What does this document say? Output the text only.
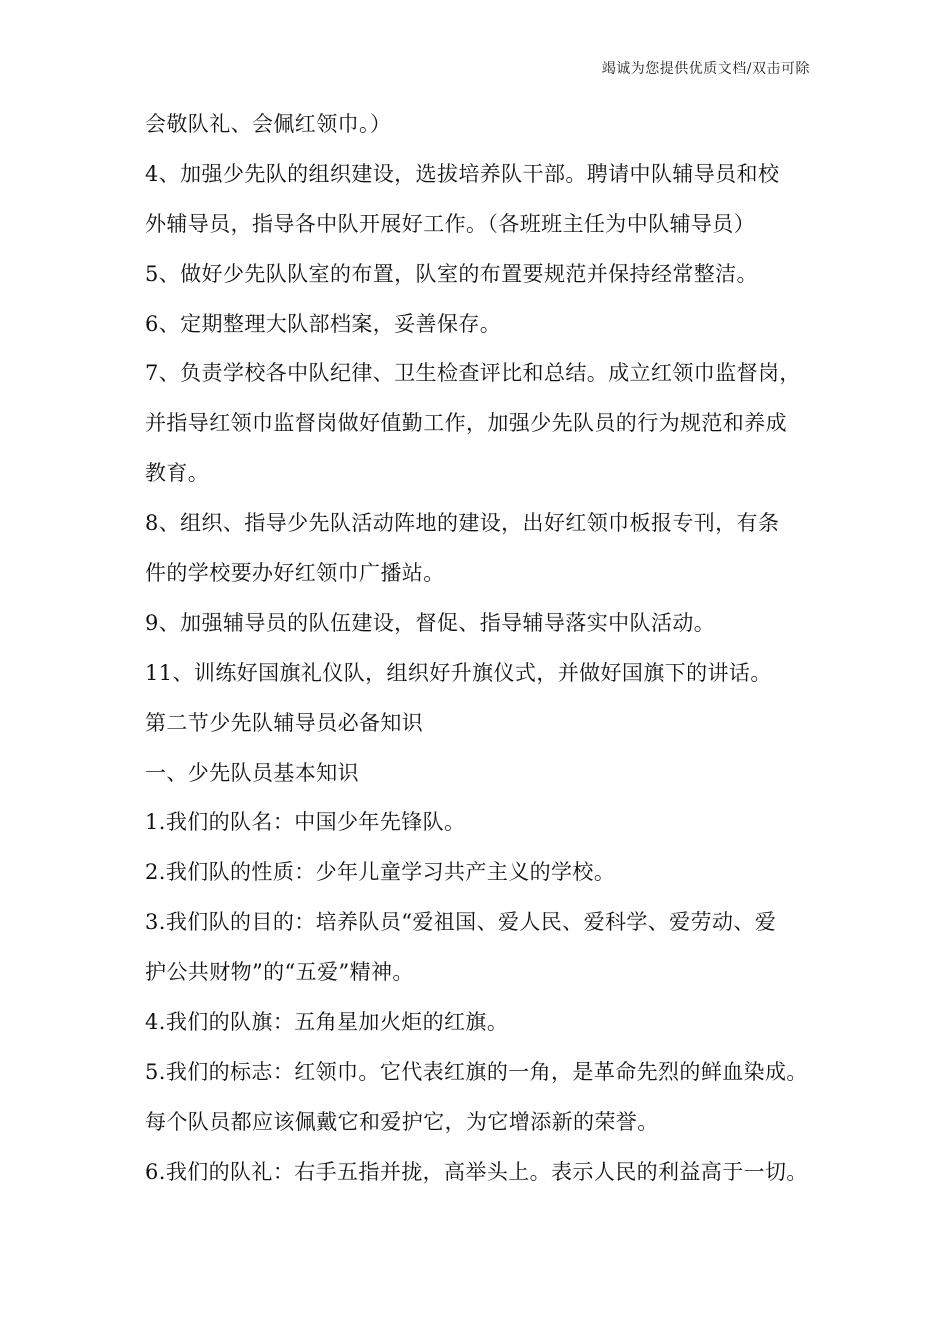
竭诚为您提供优质文档/双击可除
会敬队礼、会佩红领巾。）
4、加强少先队的组织建设，选拔培养队干部。聘请中队辅导员和校
外辅导员，指导各中队开展好工作。（各班班主任为中队辅导员）
5、做好少先队队室的布置，队室的布置要规范并保持经常整洁。
6、定期整理大队部档案，妥善保存。
7、负责学校各中队纪律、卫生检查评比和总结。成立红领巾监督岗，
并指导红领巾监督岗做好值勤工作，加强少先队员的行为规范和养成
教育。
8、组织、指导少先队活动阵地的建设，出好红领巾板报专刊，有条
件的学校要办好红领巾广播站。
9、加强辅导员的队伍建设，督促、指导辅导落实中队活动。
11、训练好国旗礼仪队，组织好升旗仪式，并做好国旗下的讲话。
第二节少先队辅导员必备知识
一、少先队员基本知识
1.我们的队名：中国少年先锋队。
2.我们队的性质：少年儿童学习共产主义的学校。
3.我们队的目的：培养队员“爱祖国、爱人民、爱科学、爱劳动、爱
护公共财物”的“五爱”精神。
4.我们的队旗：五角星加火炬的红旗。
5.我们的标志：红领巾。它代表红旗的一角，是革命先烈的鲜血染成。
每个队员都应该佩戴它和爱护它，为它增添新的荣誉。
6.我们的队礼：右手五指并拢，高举头上。表示人民的利益高于一切。
